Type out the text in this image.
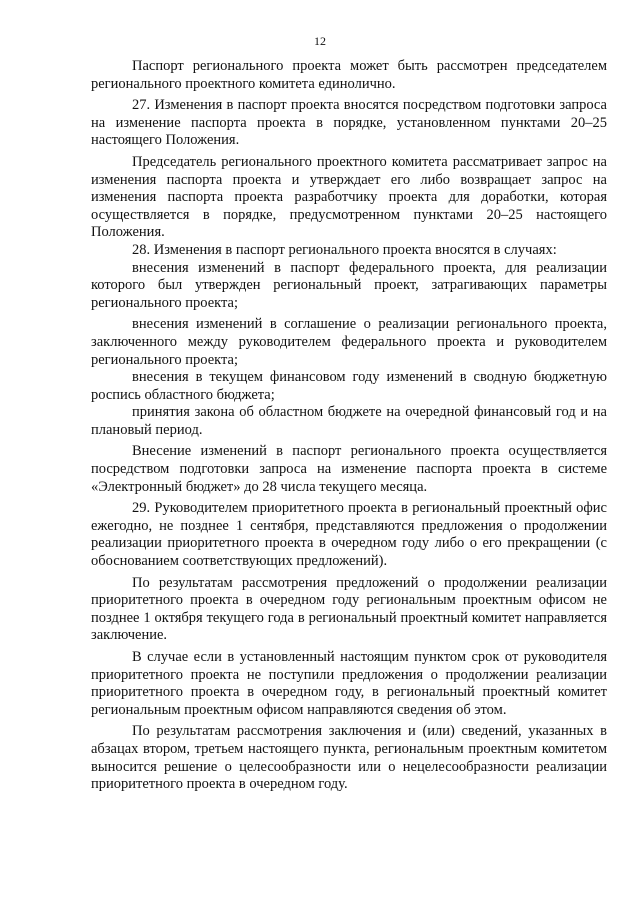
12

Паспорт регионального проекта может быть рассмотрен председателем регионального проектного комитета единолично.

27. Изменения в паспорт проекта вносятся посредством подготовки запроса на изменение паспорта проекта в порядке, установленном пунктами 20–25 настоящего Положения.

Председатель регионального проектного комитета рассматривает запрос на изменения паспорта проекта и утверждает его либо возвращает запрос на изменения паспорта проекта разработчику проекта для доработки, которая осуществляется в порядке, предусмотренном пунктами 20–25 настоящего Положения.

28. Изменения в паспорт регионального проекта вносятся в случаях:

внесения изменений в паспорт федерального проекта, для реализации которого был утвержден региональный проект, затрагивающих параметры регионального проекта;

внесения изменений в соглашение о реализации регионального проекта, заключенного между руководителем федерального проекта и руководителем регионального проекта;

внесения в текущем финансовом году изменений в сводную бюджетную роспись областного бюджета;

принятия закона об областном бюджете на очередной финансовый год и на плановый период.

Внесение изменений в паспорт регионального проекта осуществляется посредством подготовки запроса на изменение паспорта проекта в системе «Электронный бюджет» до 28 числа текущего месяца.

29. Руководителем приоритетного проекта в региональный проектный офис ежегодно, не позднее 1 сентября, представляются предложения о продолжении реализации приоритетного проекта в очередном году либо о его прекращении (с обоснованием соответствующих предложений).

По результатам рассмотрения предложений о продолжении реализации приоритетного проекта в очередном году региональным проектным офисом не позднее 1 октября текущего года в региональный проектный комитет направляется заключение.

В случае если в установленный настоящим пунктом срок от руководителя приоритетного проекта не поступили предложения о продолжении реализации приоритетного проекта в очередном году, в региональный проектный комитет региональным проектным офисом направляются сведения об этом.

По результатам рассмотрения заключения и (или) сведений, указанных в абзацах втором, третьем настоящего пункта, региональным проектным комитетом выносится решение о целесообразности или о нецелесообразности реализации приоритетного проекта в очередном году.
